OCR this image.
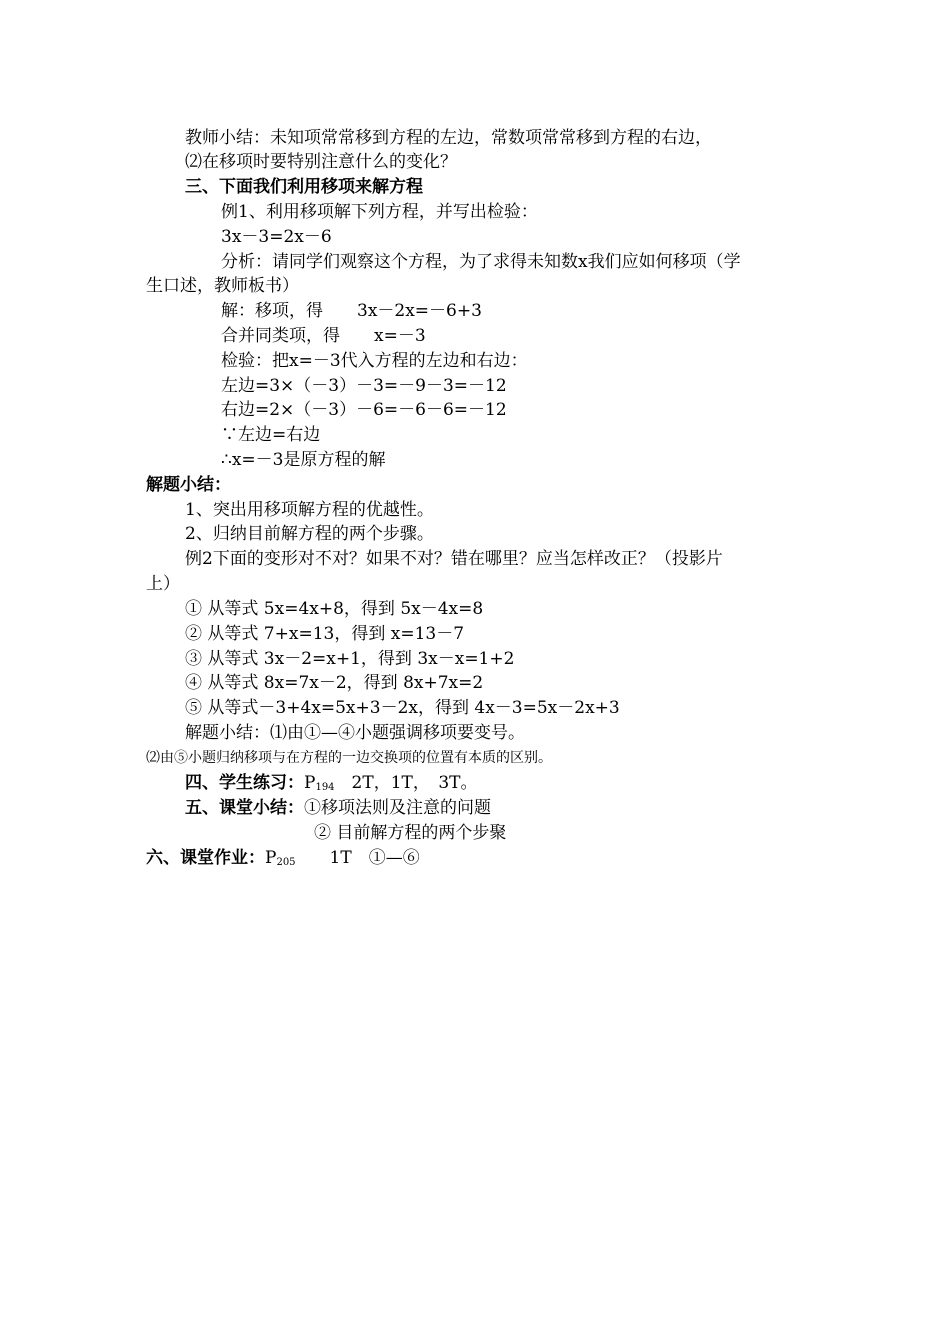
教师小结：未知项常常移到方程的左边，常数项常常移到方程的右边，
⑵在移项时要特别注意什么的变化？
三、下面我们利用移项来解方程
例1、利用移项解下列方程，并写出检验：
3x－3=2x－6
分析：请同学们观察这个方程，为了求得未知数x我们应如何移项（学
生口述，教师板书）
解：移项，得　　3x－2x=－6+3
合并同类项，得　　x=－3
检验：把x=－3代入方程的左边和右边：
左边=3×（－3）－3=－9－3=－12
右边=2×（－3）－6=－6－6=－12
∵左边=右边
∴x=－3是原方程的解
解题小结：
1、突出用移项解方程的优越性。
2、归纳目前解方程的两个步骤。
例2下面的变形对不对？如果不对？错在哪里？应当怎样改正？（投影片
上）
① 从等式 5x=4x+8，得到 5x－4x=8
② 从等式 7+x=13，得到 x=13－7
③ 从等式 3x－2=x+1，得到 3x－x=1+2
④ 从等式 8x=7x－2，得到 8x+7x=2
⑤ 从等式－3+4x=5x+3－2x，得到 4x－3=5x－2x+3
解题小结：⑴由①—④小题强调移项要变号。
⑵由⑤小题归纳移项与在方程的一边交换项的位置有本质的区别。
四、学生练习：$P_{194}$　2T，1T，　3T。
五、课堂小结：①移项法则及注意的问题
② 目前解方程的两个步聚
六、课堂作业：$P_{205}$　　1T　①—⑥
